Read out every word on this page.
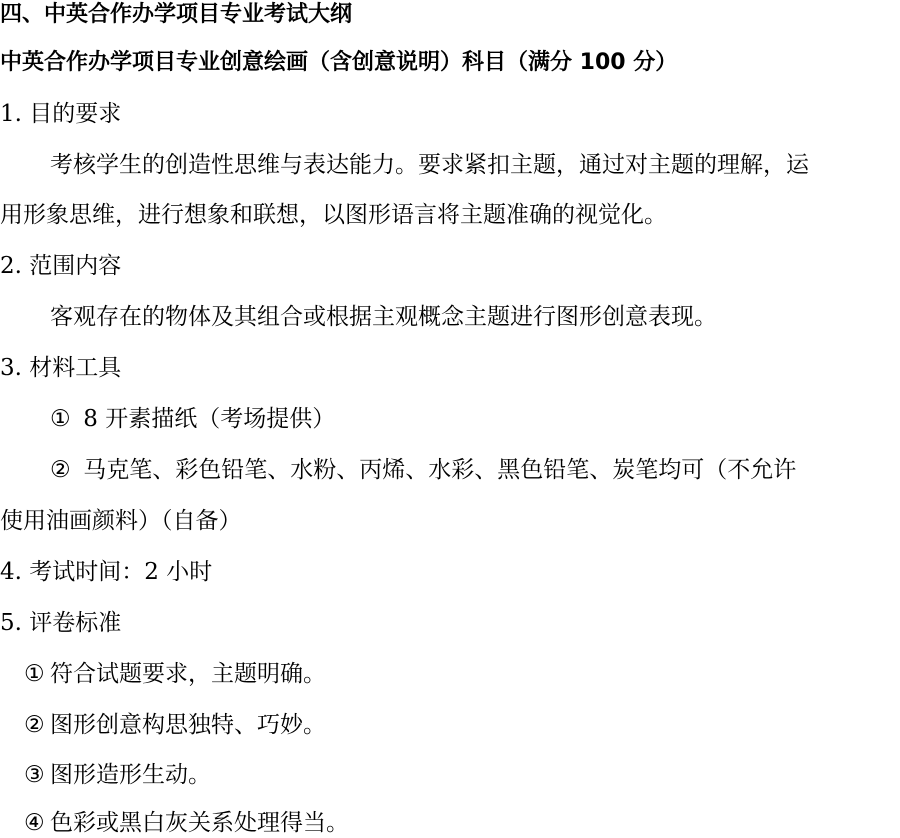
四、中英合作办学项目专业考试大纲
中英合作办学项目专业创意绘画（含创意说明）科目（满分 100 分）
1. 目的要求
考核学生的创造性思维与表达能力。要求紧扣主题，通过对主题的理解，运
用形象思维，进行想象和联想，以图形语言将主题准确的视觉化。
2. 范围内容
客观存在的物体及其组合或根据主观概念主题进行图形创意表现。
3. 材料工具
① 8 开素描纸（考场提供）
② 马克笔、彩色铅笔、水粉、丙烯、水彩、黑色铅笔、炭笔均可（不允许
使用油画颜料）（自备）
4. 考试时间：2 小时
5. 评卷标准
① 符合试题要求，主题明确。
② 图形创意构思独特、巧妙。
③ 图形造形生动。
④ 色彩或黑白灰关系处理得当。
